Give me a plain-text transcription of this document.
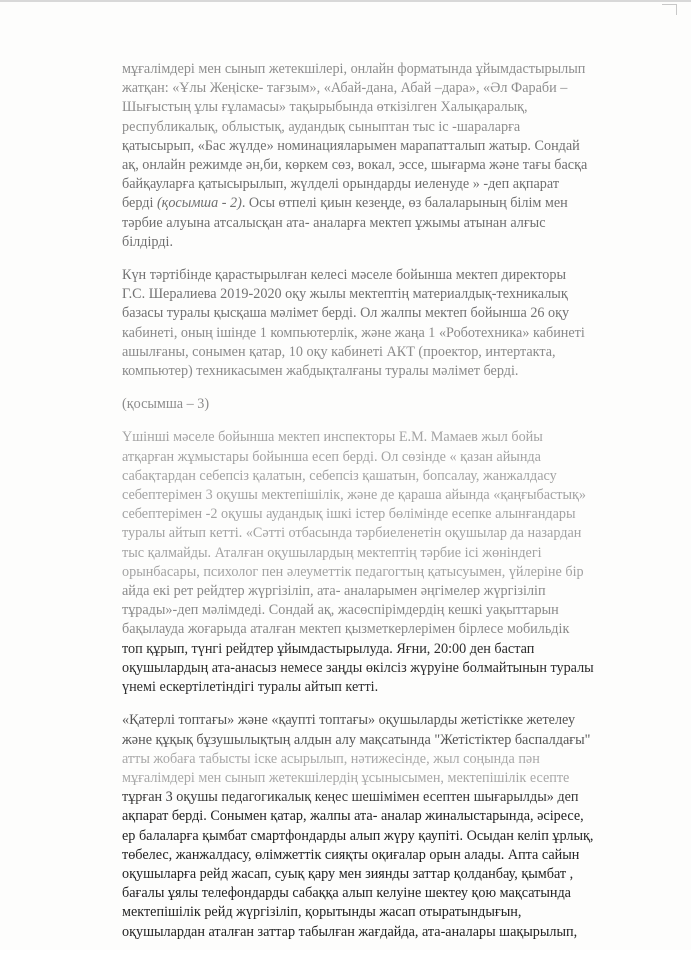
мұғалімдері мен сынып жетекшілері, онлайн форматында ұйымдастырылып
жатқан: «Ұлы Жеңіске- тағзым», «Абай-дана, Абай –дара», «Әл Фараби –
Шығыстың ұлы ғұламасы» тақырыбында өткізілген Халықаралық,
республикалық, облыстық, аудандық сыныптан тыс іс -шараларға
қатысырып, «Бас жүлде» номинацияларымен марапатталып жатыр. Сондай
ақ, онлайн режимде ән,би, көркем сөз, вокал, эссе, шығарма және тағы басқа
байқауларға қатысырылып, жүлделі орындарды иеленуде » -деп ақпарат
берді (қосымша - 2). Осы өтпелі қиын кезеңде, өз балаларының білім мен
тәрбие алуына атсалысқан ата- аналарға мектеп ұжымы атынан алғыс
білдірді.
Күн тәртібінде қарастырылған келесі мәселе бойынша мектеп директоры
Г.С. Шералиева 2019-2020 оқу жылы мектептің материалдық-техникалық
базасы туралы қысқаша мәлімет берді. Ол жалпы мектеп бойынша 26 оқу
кабинеті, оның ішінде 1 компьютерлік, және жаңа 1 «Роботехника» кабинеті
ашылғаны, сонымен қатар, 10 оқу кабинеті АКТ (проектор, интертакта,
компьютер) техникасымен жабдықталғаны туралы мәлімет берді.
(қосымша – 3)
Үшінші мәселе бойынша мектеп инспекторы Е.М. Мамаев жыл бойы
атқарған жұмыстары бойынша есеп берді. Ол сөзінде « қазан айында
сабақтардан себепсіз қалатын, себепсіз қашатын, бопсалау, жанжалдасу
себептерімен 3 оқушы мектепішілік, және де қараша айында «қаңғыбастық»
себептерімен -2 оқушы аудандық ішкі істер бөлімінде есепке алынғандары
туралы айтып кетті. «Сәтті отбасында тәрбиеленетін оқушылар да назардан
тыс қалмайды. Аталған оқушылардың мектептің тәрбие ісі жөніндегі
орынбасары, психолог пен әлеуметтік педагогтың қатысуымен, үйлеріне бір
айда екі рет рейдтер жүргізіліп, ата- аналарымен әңгімелер жүргізіліп
тұрады»-деп мәлімдеді. Сондай ақ, жасөспірімдердің кешкі уақыттарын
бақылауда жоғарыда аталған мектеп қызметкерлерімен бірлесе мобильдік
топ құрып, түнгі рейдтер ұйымдастырылуда. Яғни, 20:00 ден бастап
оқушылардың ата-анасыз немесе заңды өкілсіз жүруіне болмайтынын туралы
үнемі ескертілетіндігі туралы айтып кетті.
«Қатерлі топтағы» және «қаупті топтағы» оқушыларды жетістікке жетелеу
және құқық бұзушылықтың алдын алу мақсатында "Жетістіктер баспалдағы"
атты жобаға табысты іске асырылып, нәтижесінде, жыл соңында пән
мұғалімдері мен сынып жетекшілердің ұсынысымен, мектепішілік есепте
тұрған 3 оқушы педагогикалық кеңес шешімімен есептен шығарылды» деп
ақпарат берді. Сонымен қатар, жалпы ата- аналар жиналыстарында, әсіресе,
ер балаларға қымбат смартфондарды алып жүру қаупіті. Осыдан келіп ұрлық,
төбелес, жанжалдасу, өлімжеттік сияқты оқиғалар орын алады. Апта сайын
оқушыларға рейд жасап, суық қару мен зиянды заттар қолданбау, қымбат ,
бағалы ұялы телефондарды сабаққа алып келуіне шектеу қою мақсатында
мектепішілік рейд жүргізіліп, қорытынды жасап отыратындығын,
оқушылардан аталған заттар табылған жағдайда, ата-аналары шақырылып,
